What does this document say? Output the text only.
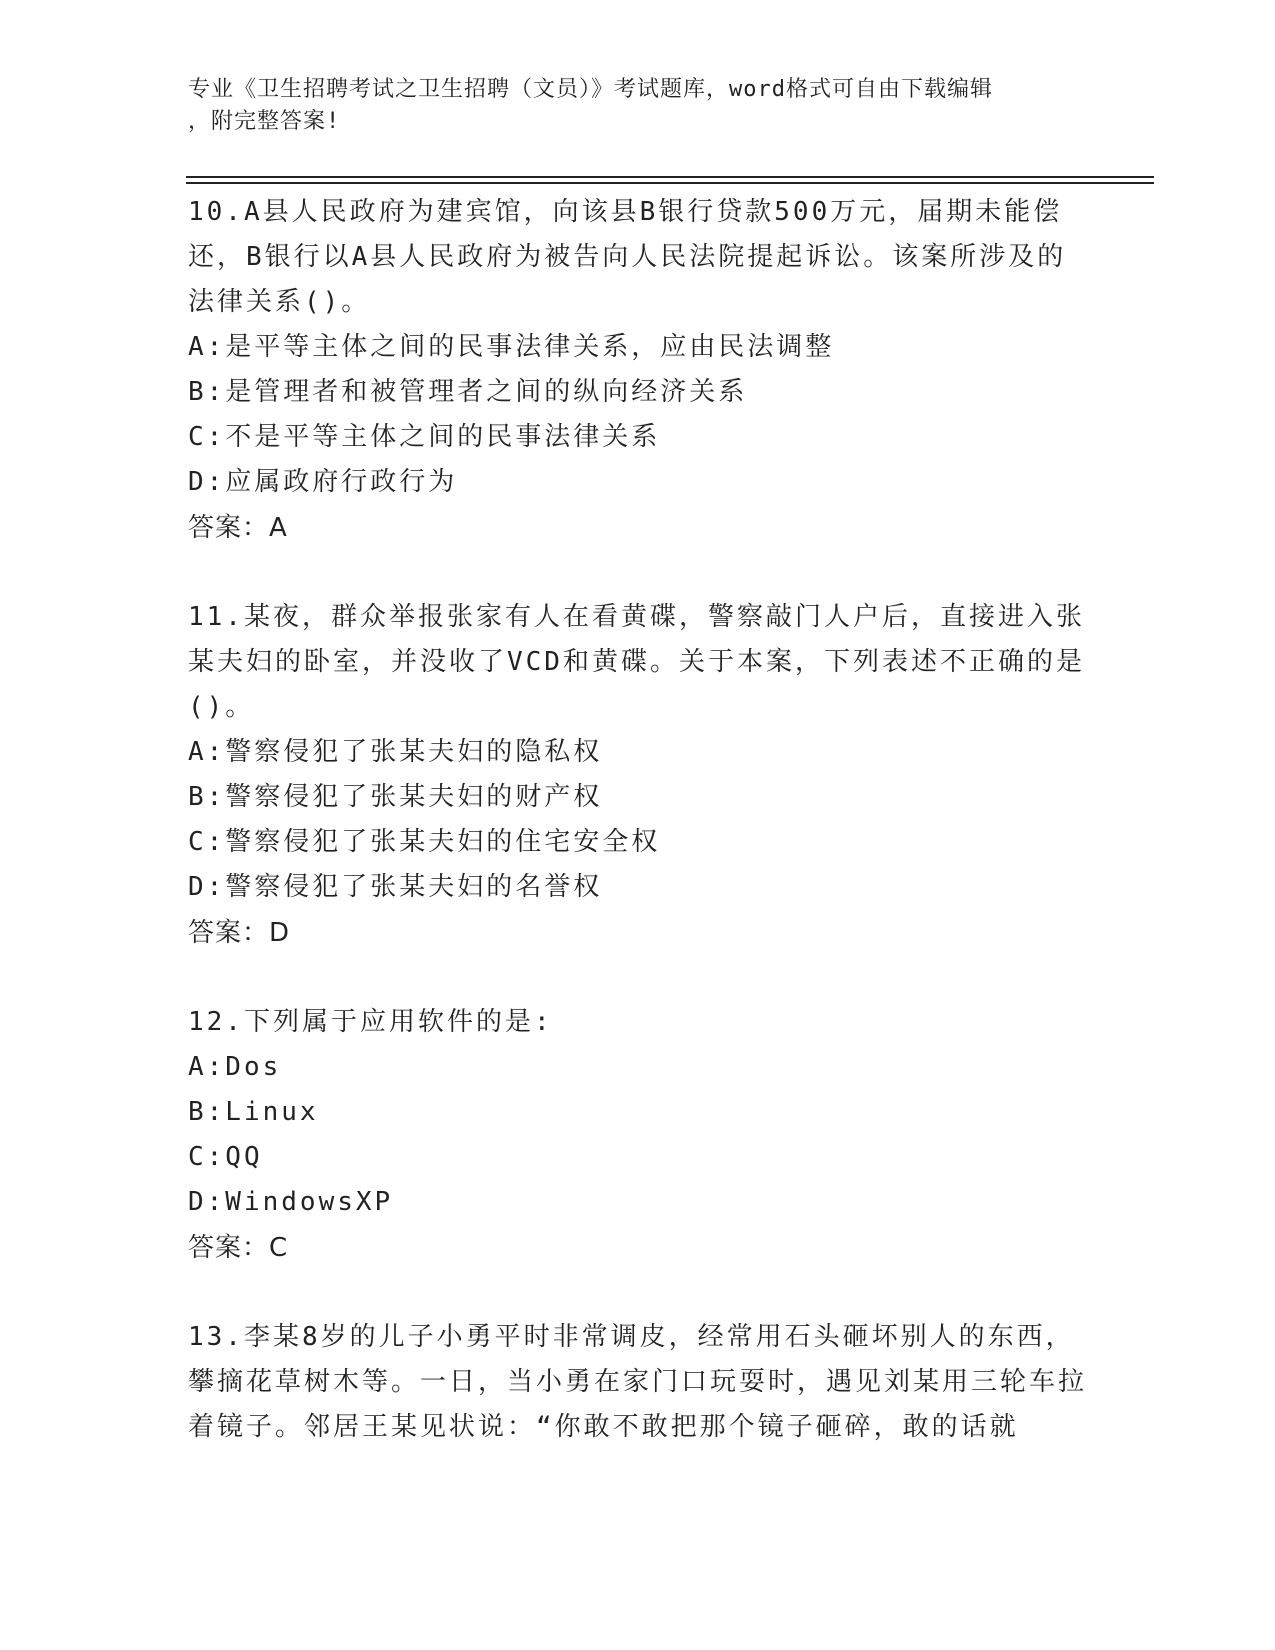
专业《卫生招聘考试之卫生招聘（文员）》考试题库，word格式可自由下载编辑
，附完整答案!

10.A县人民政府为建宾馆，向该县B银行贷款500万元，届期未能偿还，B银行以A县人民政府为被告向人民法院提起诉讼。该案所涉及的法律关系()。

A:是平等主体之间的民事法律关系，应由民法调整

B:是管理者和被管理者之间的纵向经济关系

C:不是平等主体之间的民事法律关系

D:应属政府行政行为

答案：A

11.某夜，群众举报张家有人在看黄碟，警察敲门人户后，直接进入张某夫妇的卧室，并没收了VCD和黄碟。关于本案，下列表述不正确的是()。

A:警察侵犯了张某夫妇的隐私权

B:警察侵犯了张某夫妇的财产权

C:警察侵犯了张某夫妇的住宅安全权

D:警察侵犯了张某夫妇的名誉权

答案：D

12.下列属于应用软件的是:

A:Dos

B:Linux

C:QQ

D:WindowsXP

答案：C

13.李某8岁的儿子小勇平时非常调皮，经常用石头砸坏别人的东西，攀摘花草树木等。一日，当小勇在家门口玩耍时，遇见刘某用三轮车拉着镜子。邻居王某见状说：“你敢不敢把那个镜子砸碎，敢的话就
